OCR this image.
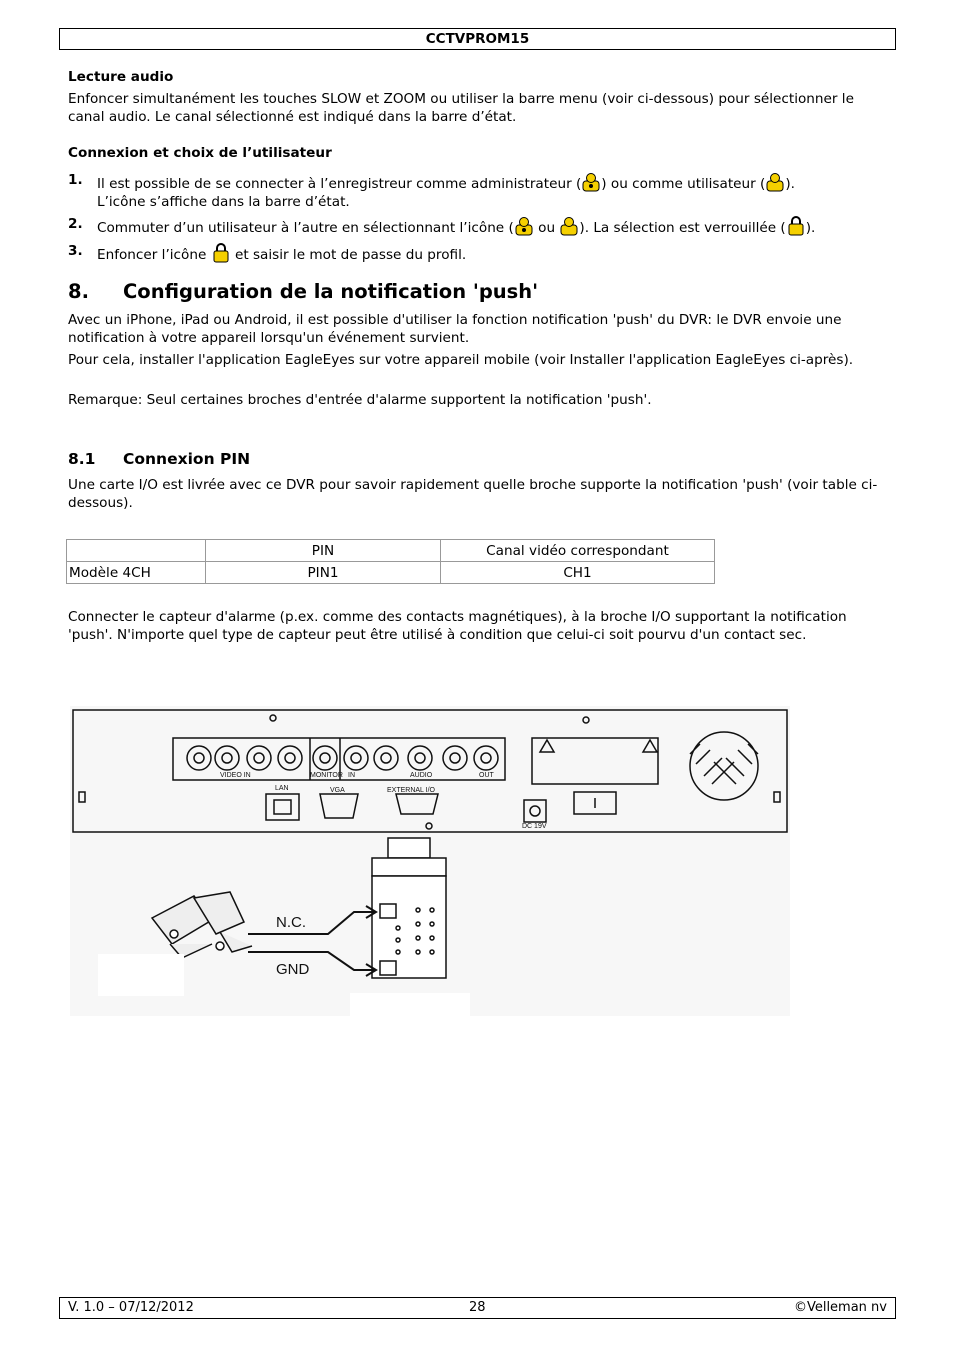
CCTVPROM15

Lecture audio

Enfoncer simultanément les touches SLOW et ZOOM ou utiliser la barre menu (voir ci-dessous) pour sélectionner le canal audio. Le canal sélectionné est indiqué dans la barre d’état.

Connexion et choix de l’utilisateur

1. Il est possible de se connecter à l’enregistreur comme administrateur ( ) ou comme utilisateur ( ).
L’icône s’affiche dans la barre d’état.
2. Commuter d’un utilisateur à l’autre en sélectionnant l’icône ( ou ). La sélection est verrouillée ( ).
3. Enfoncer l’icône  et saisir le mot de passe du profil.
8. Configuration de la notification 'push'

Avec un iPhone, iPad ou Android, il est possible d'utiliser la fonction notification 'push' du DVR: le DVR envoie une notification à votre appareil lorsqu'un événement survient.

Pour cela, installer l'application EagleEyes sur votre appareil mobile (voir Installer l'application EagleEyes ci-après).

Remarque: Seul certaines broches d'entrée d'alarme supportent la notification 'push'.

8.1 Connexion PIN

Une carte I/O est livrée avec ce DVR pour savoir rapidement quelle broche supporte la notification 'push' (voir table ci-dessous).

	PIN	Canal vidéo correspondant
Modèle 4CH	PIN1	CH1

Connecter le capteur d'alarme (p.ex. comme des contacts magnétiques), à la broche I/O supportant la notification 'push'. N'importe quel type de capteur peut être utilisé à condition que celui-ci soit pourvu d'un contact sec.

VIDEO IN	MONITOR IN	AUDIO	OUT
LAN	VGA	EXTERNAL I/O
DC 19V
N.C.
GND
V. 1.0 – 07/12/2012	28	©Velleman nv
